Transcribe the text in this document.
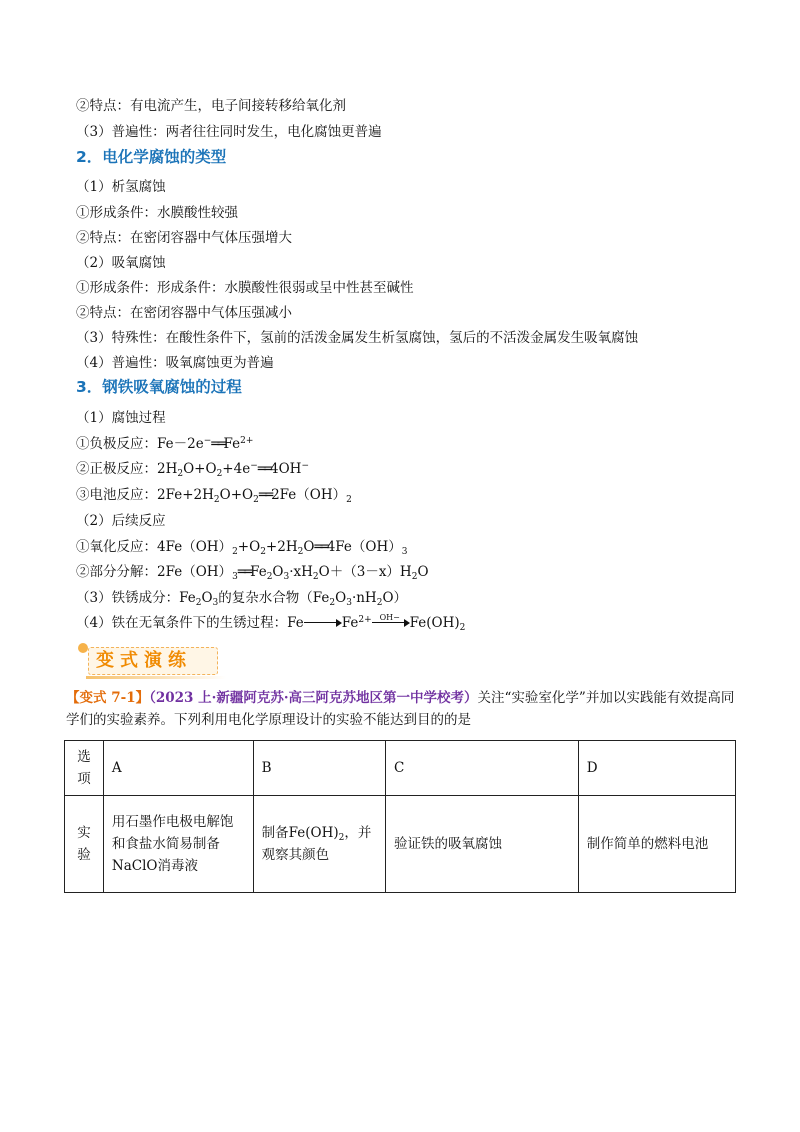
②特点：有电流产生，电子间接转移给氧化剂
（3）普遍性：两者往往同时发生，电化腐蚀更普遍
2．电化学腐蚀的类型
（1）析氢腐蚀
①形成条件：水膜酸性较强
②特点：在密闭容器中气体压强增大
（2）吸氧腐蚀
①形成条件：形成条件：水膜酸性很弱或呈中性甚至碱性
②特点：在密闭容器中气体压强减小
（3）特殊性：在酸性条件下，氢前的活泼金属发生析氢腐蚀，氢后的不活泼金属发生吸氧腐蚀
（4）普遍性：吸氧腐蚀更为普遍
3．钢铁吸氧腐蚀的过程
（1）腐蚀过程
①负极反应：$Fe-2e^-══Fe^{2+}$
②正极反应：$2H_2O+O_2+4e^-══4OH^-$
③电池反应：$2Fe+2H_2O+O_2══2Fe(OH)_2$
（2）后续反应
①氧化反应：$4Fe(OH)_2+O_2+2H_2O══4Fe(OH)_3$
②部分分解：$2Fe(OH)_3══Fe_2O_3\cdot xH_2O+(3-x)H_2O$
（3）铁锈成分：$Fe_2O_3$的复杂水合物$(Fe_2O_3\cdot nH_2O)$
（4）铁在无氧条件下的生锈过程：Fe	$Fe^{2+}$ $OH- Fe(OH)_2$
变式演练
【变式 7-1】（2023 上·新疆阿克苏·高三阿克苏地区第一中学校考）关注“实验室化学”并加以实践能有效提高同学们的实验素养。下列利用电化学原理设计的实验不能达到目的的是
选项	A	B	C	D
实验	用石墨作电极电解饱和食盐水简易制备NaClO消毒液	制备$Fe(OH)_2$，并观察其颜色	验证铁的吸氧腐蚀	制作简单的燃料电池
